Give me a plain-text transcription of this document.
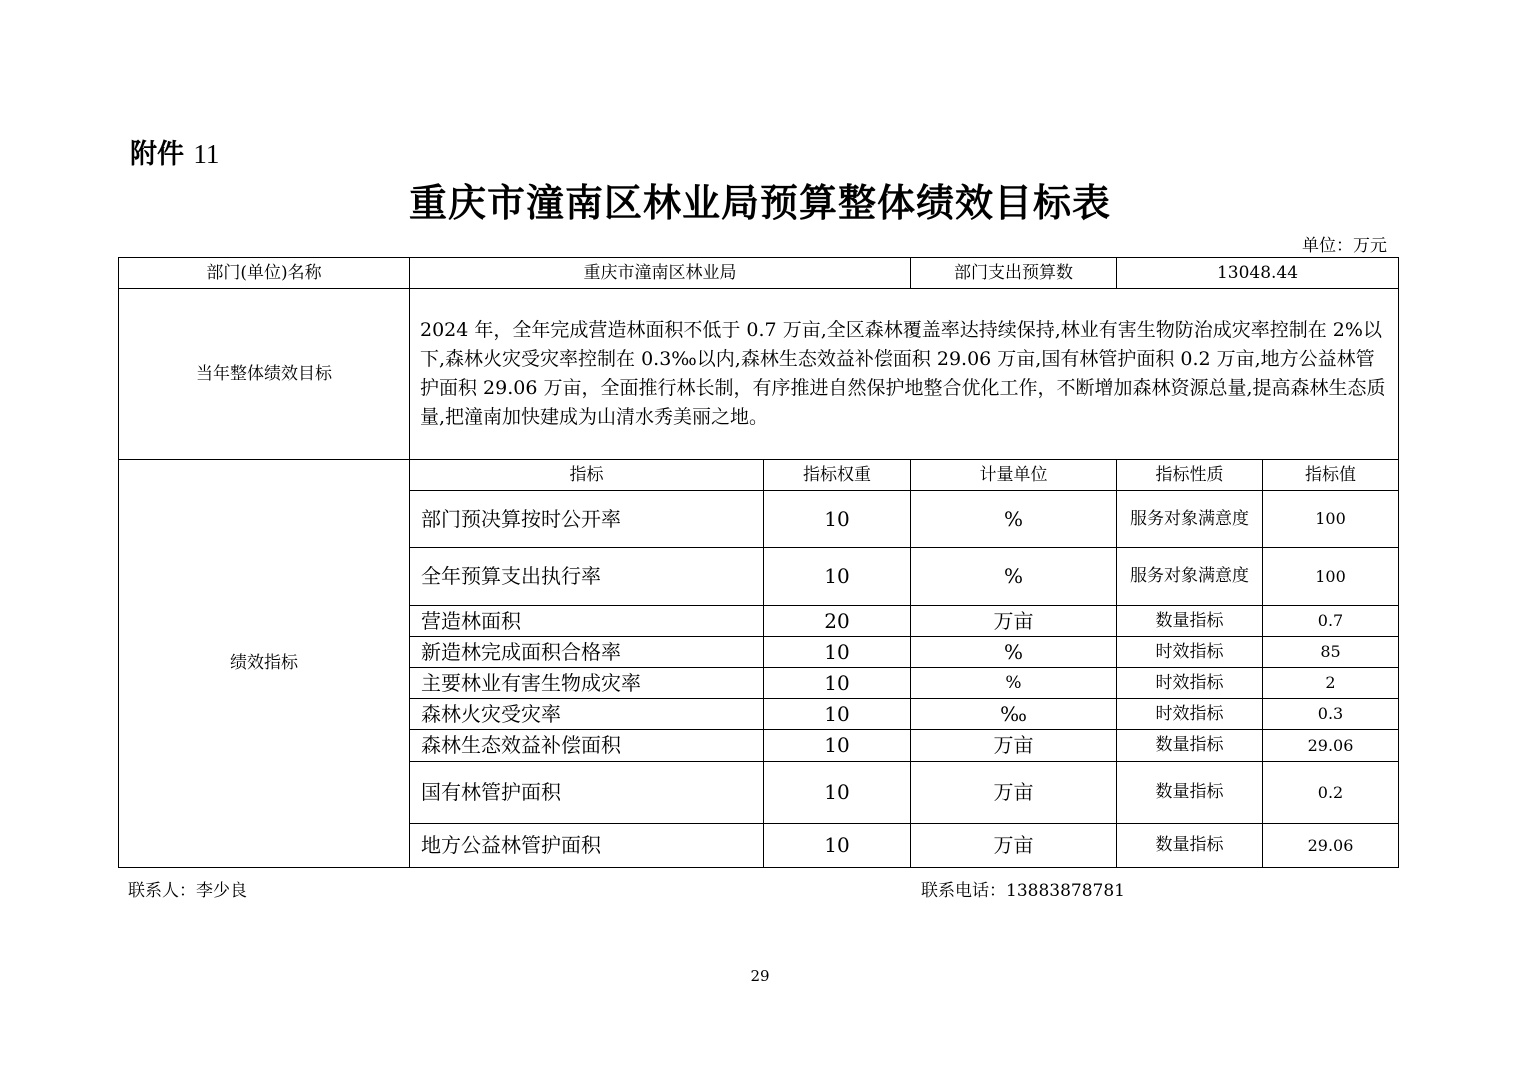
附件 11
重庆市潼南区林业局预算整体绩效目标表
单位：万元
部门(单位)名称	重庆市潼南区林业局		部门支出预算数	13048.44	
当年整体绩效目标	2024 年，全年完成营造林面积不低于 0.7 万亩,全区森林覆盖率达持续保持,林业有害生物防治成灾率控制在 2%以下,森林火灾受灾率控制在 0.3‰以内,森林生态效益补偿面积 29.06 万亩,国有林管护面积 0.2 万亩,地方公益林管护面积 29.06 万亩，全面推行林长制，有序推进自然保护地整合优化工作，不断增加森林资源总量,提高森林生态质量,把潼南加快建成为山清水秀美丽之地。				
绩效指标	指标	指标权重	计量单位	指标性质	指标值
	部门预决算按时公开率	10	%	服务对象满意度	100
	全年预算支出执行率	10	%	服务对象满意度	100
	营造林面积	20	万亩	数量指标	0.7
	新造林完成面积合格率	10	%	时效指标	85
	主要林业有害生物成灾率	10	%	时效指标	2
	森林火灾受灾率	10	‰	时效指标	0.3
	森林生态效益补偿面积	10	万亩	数量指标	29.06
	国有林管护面积	10	万亩	数量指标	0.2
	地方公益林管护面积	10	万亩	数量指标	29.06
联系人：李少良	联系电话：13883878781
29
